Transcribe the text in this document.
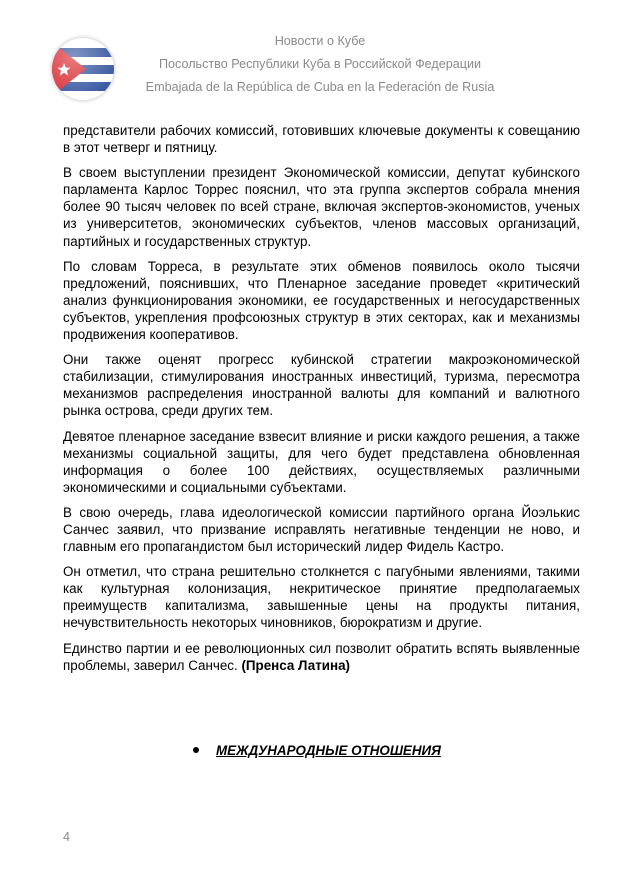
Новости о Кубе
Посольство Республики Куба в Российской Федерации
Embajada de la República de Cuba en la Federación de Rusia

представители рабочих комиссий, готовивших ключевые документы к совещанию в этот четверг и пятницу.

В своем выступлении президент Экономической комиссии, депутат кубинского парламента Карлос Торрес пояснил, что эта группа экспертов собрала мнения более 90 тысяч человек по всей стране, включая экспертов-экономистов, ученых из университетов, экономических субъектов, членов массовых организаций, партийных и государственных структур.

По словам Торреса, в результате этих обменов появилось около тысячи предложений, пояснивших, что Пленарное заседание проведет «критический анализ функционирования экономики, ее государственных и негосударственных субъектов, укрепления профсоюзных структур в этих секторах, как и механизмы продвижения кооперативов.

Они также оценят прогресс кубинской стратегии макроэкономической стабилизации, стимулирования иностранных инвестиций, туризма, пересмотра механизмов распределения иностранной валюты для компаний и валютного рынка острова, среди других тем.

Девятое пленарное заседание взвесит влияние и риски каждого решения, а также механизмы социальной защиты, для чего будет представлена обновленная информация о более 100 действиях, осуществляемых различными экономическими и социальными субъектами.

В свою очередь, глава идеологической комиссии партийного органа Йоэлькис Санчес заявил, что призвание исправлять негативные тенденции не ново, и главным его пропагандистом был исторический лидер Фидель Кастро.

Он отметил, что страна решительно столкнется с пагубными явлениями, такими как культурная колонизация, некритическое принятие предполагаемых преимуществ капитализма, завышенные цены на продукты питания, нечувствительность некоторых чиновников, бюрократизм и другие.

Единство партии и ее революционных сил позволит обратить вспять выявленные проблемы, заверил Санчес. (Пренса Латина)

МЕЖДУНАРОДНЫЕ ОТНОШЕНИЯ
4
